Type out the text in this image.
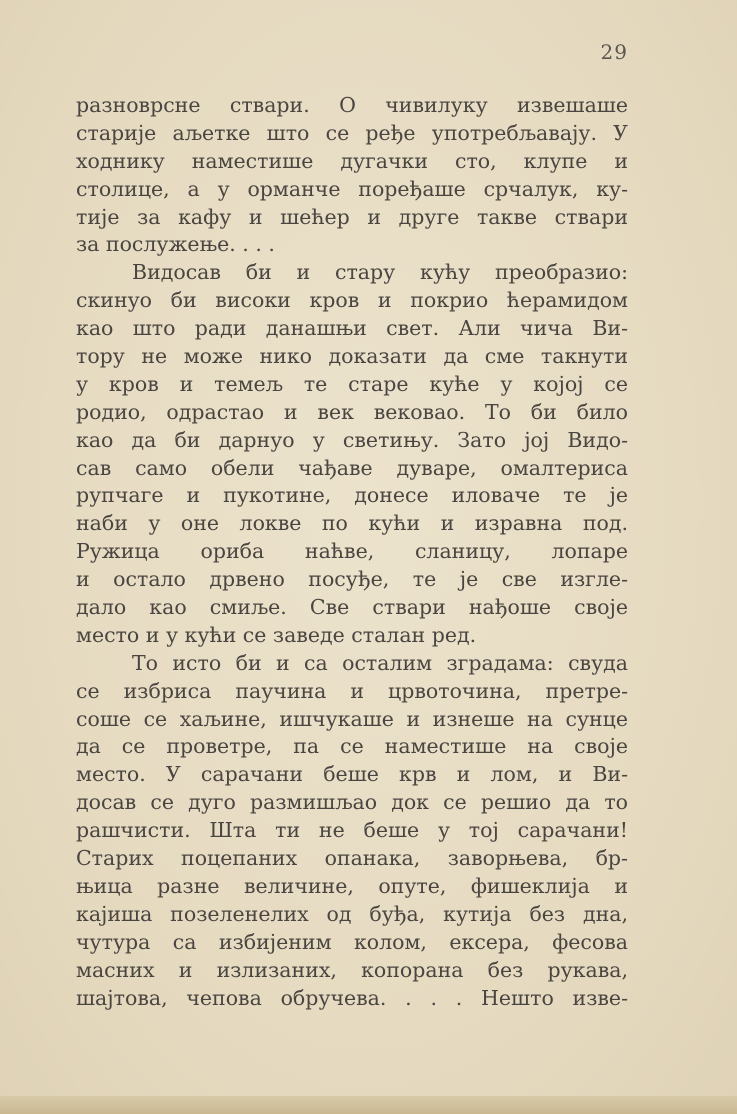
29
разноврсне ствари. О чивилуку извешаше
старије аљетке што се ређе употребљавају. У
ходнику наместише дугачки сто, клупе и
столице, а у орманче поређаше срчалук, ку-
тије за кафу и шећер и друге такве ствари
за послужење. . . .
Видосав би и стару кућу преобразио:
скинуо би високи кров и покрио ћерамидом
као што ради данашњи свет. Али чича Ви-
тору не може нико доказати да сме такнути
у кров и темељ те старе куће у којој се
родио, одрастао и век вековао. То би било
као да би дарнуо у светињу. Зато јој Видо-
сав само обели чађаве дуваре, омалтериса
рупчаге и пукотине, донесе иловаче те је
наби у оне локве по кући и изравна под.
Ружица ориба наћве, сланицу, лопаре
и остало дрвено посуђе, те је све изгле-
дало као смиље. Све ствари нађоше своје
место и у кући се заведе сталан ред.
То исто би и са осталим зградама: свуда
се избриса паучина и црвоточина, претре-
соше се хаљине, ишчукаше и изнеше на сунце
да се проветре, па се наместише на своје
место. У сарачани беше крв и лом, и Ви-
досав се дуго размишљао док се решио да то
рашчисти. Шта ти не беше у тој сарачани!
Старих поцепаних опанака, заворњева, бр-
њица разне величине, опуте, фишеклија и
кајиша позеленелих од буђа, кутија без дна,
чутура са избијеним колом, ексера, фесова
масних и излизаних, копорана без рукава,
шајтова, чепова обручева. . . . Нешто изве-
